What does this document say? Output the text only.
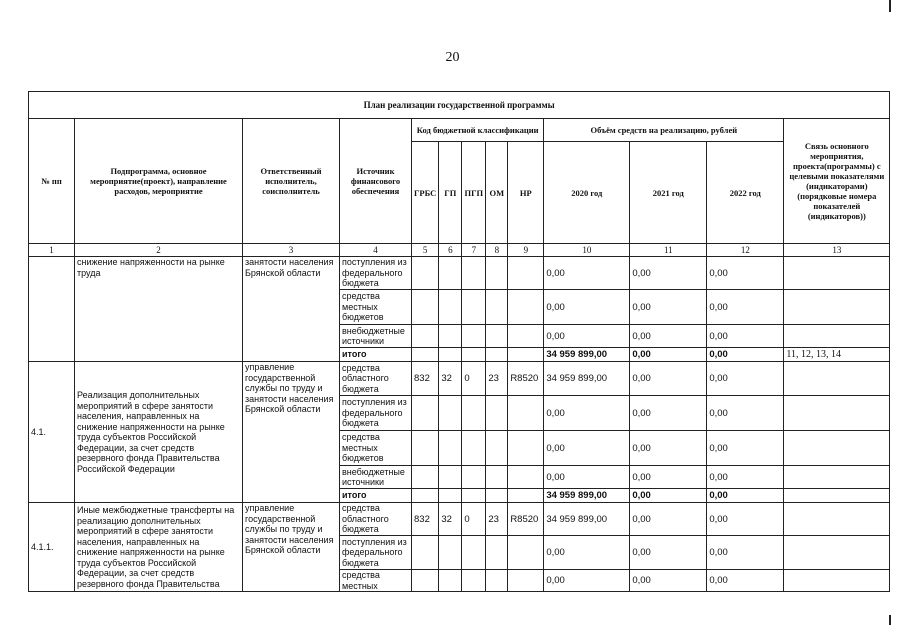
20
План реализации государственной программы												
№ пп	Подпрограмма, основное мероприятие(проект), направление расходов, мероприятие	Ответственный исполнитель, соисполнитель	Источник финансового обеспечения	Код бюджетной классификации					Объём средств на реализацию, рублей			Связь основного мероприятия, проекта(программы) с целевыми показателями (индикаторами) (порядковые номера показателей (индикаторов))
				ГРБС	ГП	ПГП	ОМ	НР	2020 год	2021 год	2022 год	
1	2	3	4	5	6	7	8	9	10	11	12	13
	снижение напряженности на рынке труда	занятости населения Брянской области	поступления из федерального бюджета						0,00	0,00	0,00	
			средства местных бюджетов						0,00	0,00	0,00	
			внебюджетные источники						0,00	0,00	0,00	
			итого						34 959 899,00	0,00	0,00	11, 12, 13, 14
4.1.	Реализация дополнительных мероприятий в сфере занятости населения, направленных на снижение напряженности на рынке труда субъектов Российской Федерации, за счет средств резервного фонда Правительства Российской Федерации	управление государственной службы по труду и занятости населения Брянской области	средства областного бюджета	832	32	0	23	R8520	34 959 899,00	0,00	0,00	
			поступления из федерального бюджета						0,00	0,00	0,00	
			средства местных бюджетов						0,00	0,00	0,00	
			внебюджетные источники						0,00	0,00	0,00	
			итого						34 959 899,00	0,00	0,00	
4.1.1.	Иные межбюджетные трансферты на реализацию дополнительных мероприятий в сфере занятости населения, направленных на снижение напряженности на рынке труда субъектов Российской Федерации, за счет средств резервного фонда Правительства	управление государственной службы по труду и занятости населения Брянской области	средства областного бюджета	832	32	0	23	R8520	34 959 899,00	0,00	0,00	
			поступления из федерального бюджета						0,00	0,00	0,00	
			средства местных						0,00	0,00	0,00	
